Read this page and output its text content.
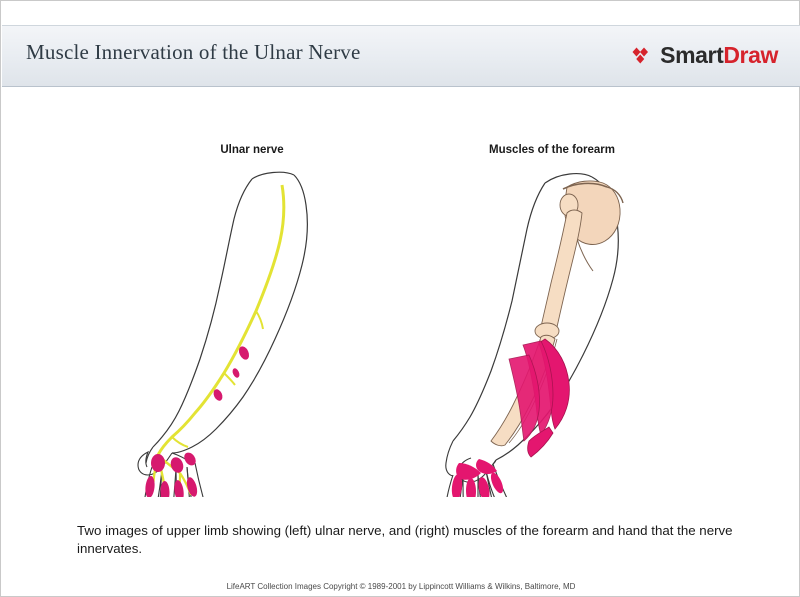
Muscle Innervation of the Ulnar Nerve	SmartDraw
Ulnar nerve	Muscles of the forearm
Two images of upper limb showing (left) ulnar nerve, and (right) muscles of the forearm and hand that the nerve innervates.
LifeART Collection Images Copyright © 1989-2001 by Lippincott Williams & Wilkins, Baltimore, MD
